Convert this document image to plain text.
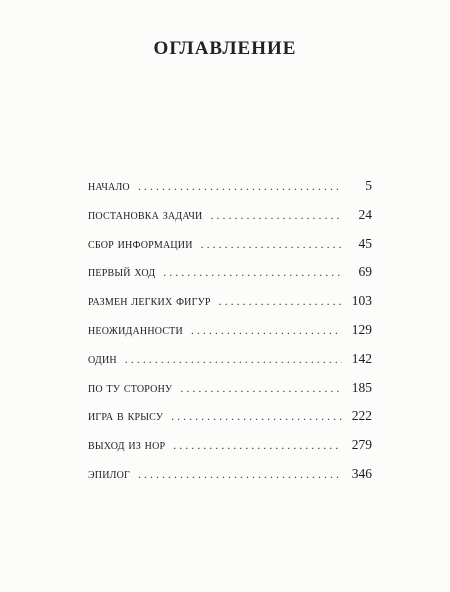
ОГЛАВЛЕНИЕ
начало .....	5
постановка задачи .....	24
сбор информации .....	45
первый ход .....	69
размен легких фигур .....	103
неожиданности .....	129
один .....	142
по ту сторону .....	185
игра в крысу .....	222
выход из нор .....	279
эпилог .....	346
